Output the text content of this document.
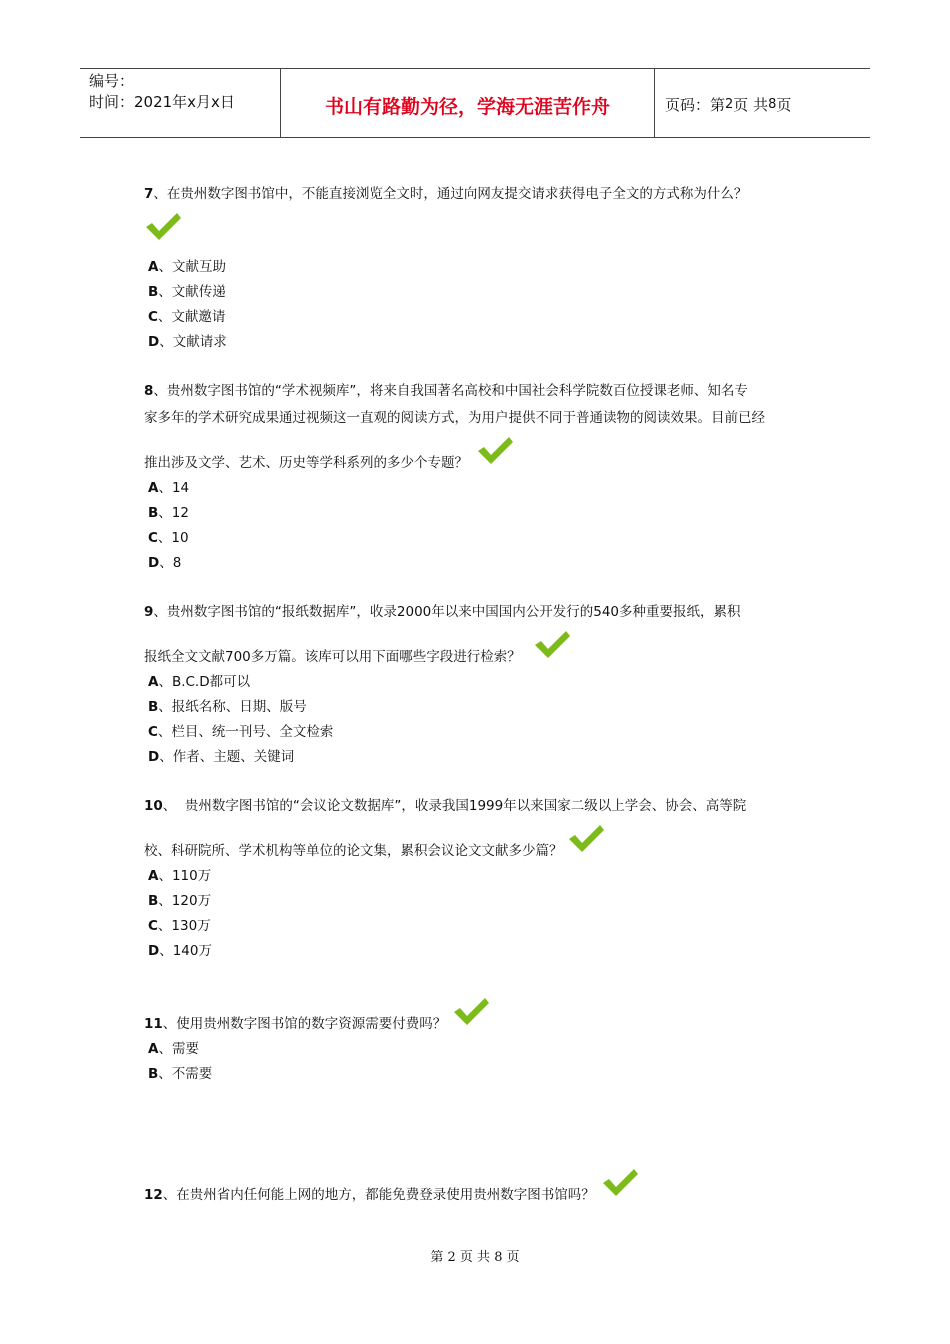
编号：
时间：2021年x月x日	书山有路勤为径，学海无涯苦作舟	页码：第 2 页 共 8 页
7、在贵州数字图书馆中，不能直接浏览全文时，通过向网友提交请求获得电子全文的方式称为什么？
A、文献互助
B、文献传递
C、文献邀请
D、文献请求
8、贵州数字图书馆的“学术视频库”，将来自我国著名高校和中国社会科学院数百位授课老师、知名专
家多年的学术研究成果通过视频这一直观的阅读方式，为用户提供不同于普通读物的阅读效果。目前已经
推出涉及文学、艺术、历史等学科系列的多少个专题？
A、14
B、12
C、10
D、8
9、贵州数字图书馆的“报纸数据库”，收录2000年以来中国国内公开发行的540多种重要报纸，累积
报纸全文文献700多万篇。该库可以用下面哪些字段进行检索？
A、B.C.D都可以
B、报纸名称、日期、版号
C、栏目、统一刊号、全文检索
D、作者、主题、关键词
10、  贵州数字图书馆的“会议论文数据库”，收录我国1999年以来国家二级以上学会、协会、高等院
校、科研院所、学术机构等单位的论文集，累积会议论文文献多少篇？
A、110万
B、120万
C、130万
D、140万
11、使用贵州数字图书馆的数字资源需要付费吗？
A、需要
B、不需要
12、在贵州省内任何能上网的地方，都能免费登录使用贵州数字图书馆吗？
第 2 页 共 8 页
